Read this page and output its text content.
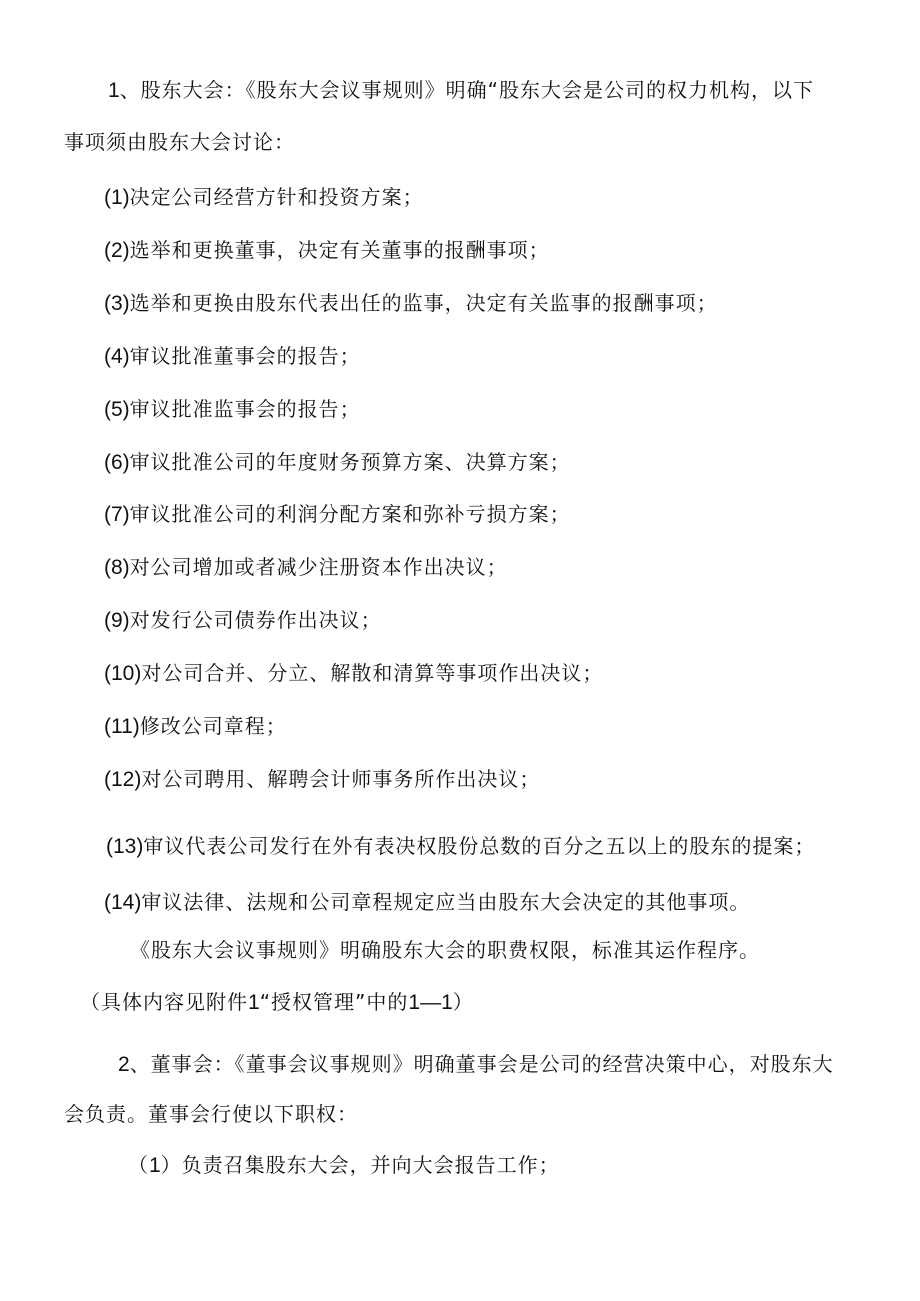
1、股东大会：《股东大会议事规则》明确“股东大会是公司的权力机构，以下
事项须由股东大会讨论：
(1)决定公司经营方针和投资方案；
(2)选举和更换董事，决定有关董事的报酬事项；
(3)选举和更换由股东代表出任的监事，决定有关监事的报酬事项；
(4)审议批准董事会的报告；
(5)审议批准监事会的报告；
(6)审议批准公司的年度财务预算方案、决算方案；
(7)审议批准公司的利润分配方案和弥补亏损方案；
(8)对公司增加或者减少注册资本作出决议；
(9)对发行公司债券作出决议；
(10)对公司合并、分立、解散和清算等事项作出决议；
(11)修改公司章程；
(12)对公司聘用、解聘会计师事务所作出决议；
(13)审议代表公司发行在外有表决权股份总数的百分之五以上的股东的提案；
(14)审议法律、法规和公司章程规定应当由股东大会决定的其他事项。
《股东大会议事规则》明确股东大会的职费权限，标准其运作程序。
（具体内容见附件1“授权管理”中的1—1）
2、董事会：《董事会议事规则》明确董事会是公司的经营决策中心，对股东大
会负责。董事会行使以下职权：
（1）负责召集股东大会，并向大会报告工作；
